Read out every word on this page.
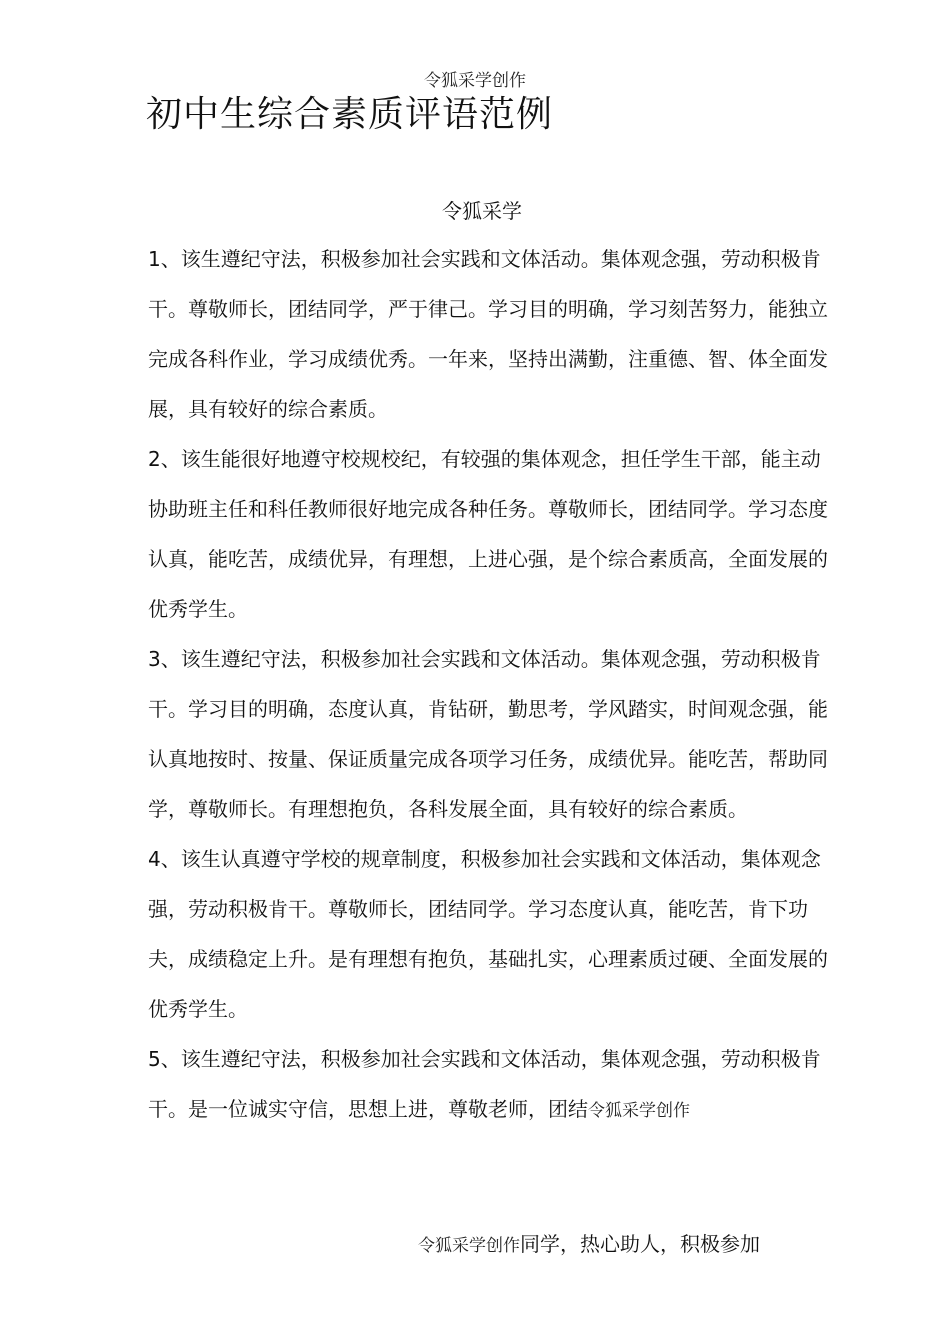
令狐采学创作
初中生综合素质评语范例
令狐采学

1、该生遵纪守法，积极参加社会实践和文体活动。集体观念强，劳动积极肯干。尊敬师长，团结同学，严于律己。学习目的明确，学习刻苦努力，能独立完成各科作业，学习成绩优秀。一年来，坚持出满勤，注重德、智、体全面发展，具有较好的综合素质。

2、该生能很好地遵守校规校纪，有较强的集体观念，担任学生干部，能主动协助班主任和科任教师很好地完成各种任务。尊敬师长，团结同学。学习态度认真，能吃苦，成绩优异，有理想，上进心强，是个综合素质高，全面发展的优秀学生。

3、该生遵纪守法，积极参加社会实践和文体活动。集体观念强，劳动积极肯干。学习目的明确，态度认真，肯钻研，勤思考，学风踏实，时间观念强，能认真地按时、按量、保证质量完成各项学习任务，成绩优异。能吃苦，帮助同学，尊敬师长。有理想抱负，各科发展全面，具有较好的综合素质。

4、该生认真遵守学校的规章制度，积极参加社会实践和文体活动，集体观念强，劳动积极肯干。尊敬师长，团结同学。学习态度认真，能吃苦，肯下功夫，成绩稳定上升。是有理想有抱负，基础扎实，心理素质过硬、全面发展的优秀学生。

5、该生遵纪守法，积极参加社会实践和文体活动，集体观念强，劳动积极肯干。是一位诚实守信，思想上进，尊敬老师，团结令狐采学创作

令狐采学创作同学，热心助人，积极参加
